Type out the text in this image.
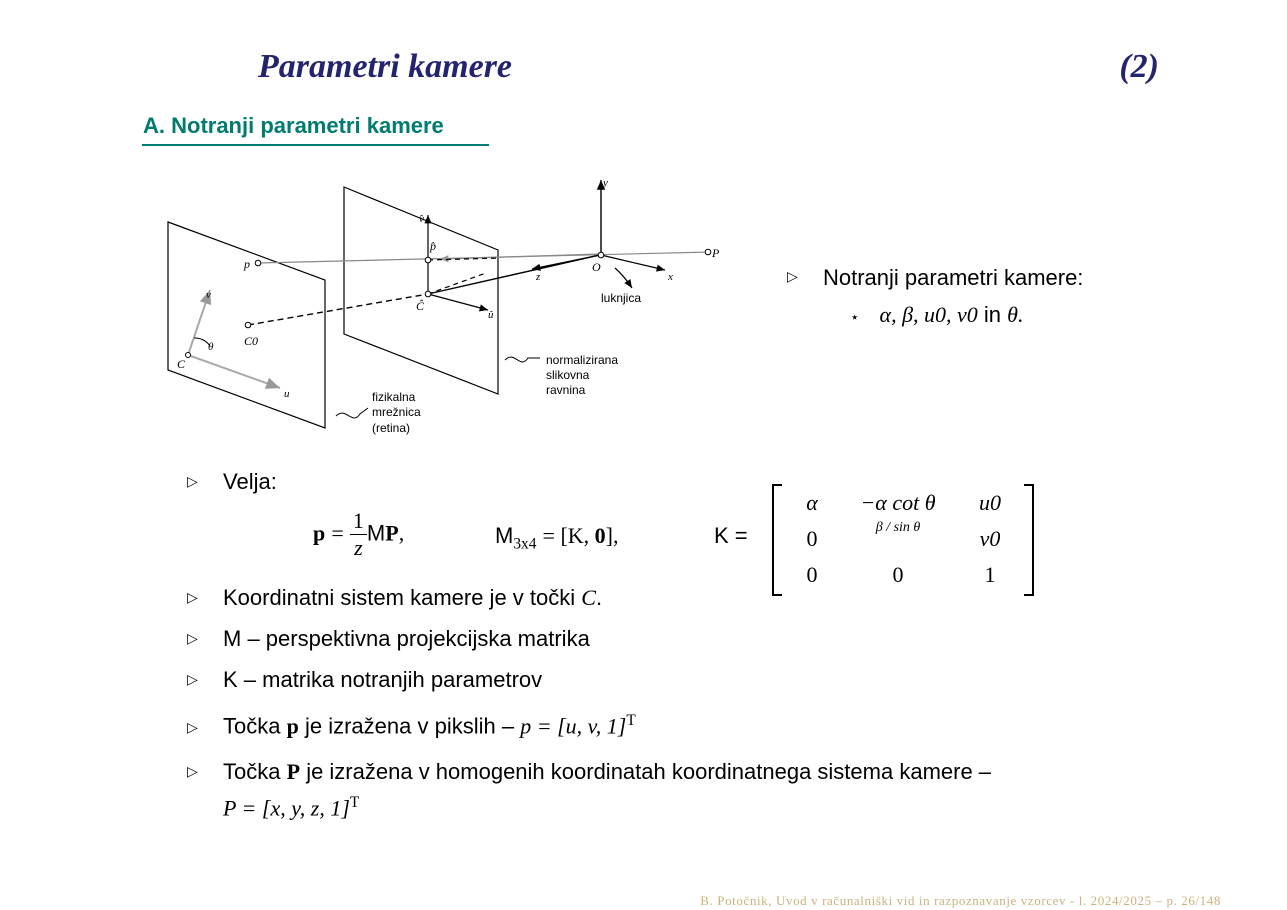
Parametri kamere	(2)
A. Notranji parametri kamere
y
x
z
O
P
p
p̂
v̂
û
Ĉ
C0
C
u
v
θ
luknjica
normalizirana
slikovna
ravnina
fizikalna
mrežnica
(retina)
▷ Notranji parametri kamere:
⋆ α, β, u0, v0 in θ.
▷ Velja:
$p = \frac{1}{z}$ MP,	$M_{3x4} = [K$, 0],	K =
α	−α cot θ	u0
0	β / sin θ	v0
0	0	1
▷ Koordinatni sistem kamere je v točki C.
▷ M – perspektivna projekcijska matrika
▷ K – matrika notranjih parametrov
▷ Točka p je izražena v pikslih – p = [u, v, 1]$^T$
▷ Točka P je izražena v homogenih koordinatah koordinatnega sistema kamere –
P = [x, y, z, 1]$^T$
B. Potočnik, Uvod v računalniški vid in razpoznavanje vzorcev - l. 2024/2025 – p. 26/148
